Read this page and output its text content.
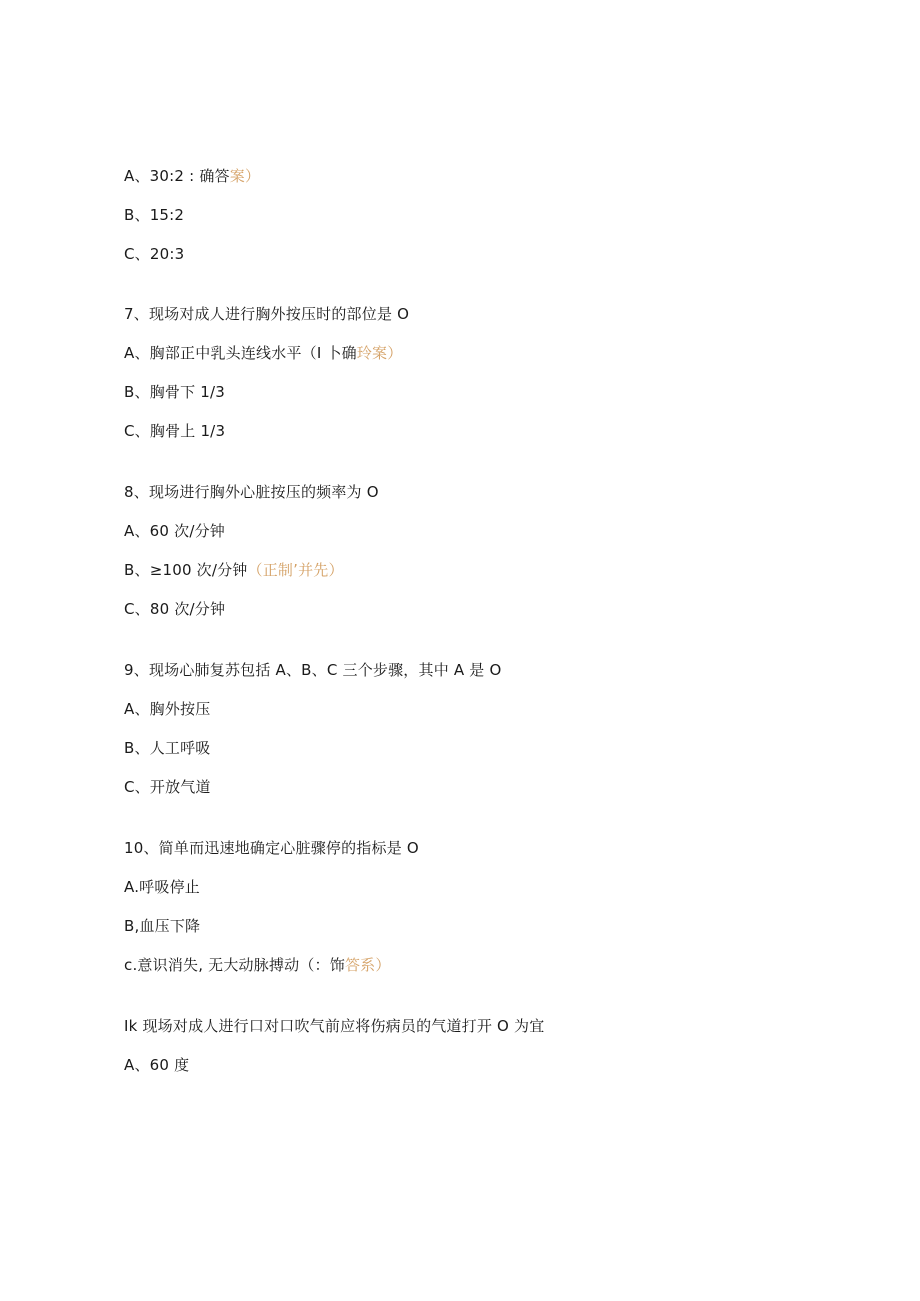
A、30:2 : 确答案）
B、15:2
C、20:3
7、现场对成人进行胸外按压时的部位是 O
A、胸部正中乳头连线水平（I 卜确玲案）
B、胸骨下 1/3
C、胸骨上 1/3
8、现场进行胸外心脏按压的频率为 O
A、60 次/分钟
B、≥100 次/分钟（正制’并先）
C、80 次/分钟
9、现场心肺复苏包括 A、B、C 三个步骤，其中 A 是 O
A、胸外按压
B、人工呼吸
C、开放气道
10、简单而迅速地确定心脏骤停的指标是 O
A.呼吸停止
B,血压下降
c.意识消失, 无大动脉搏动（：饰答系）
Ik 现场对成人进行口对口吹气前应将伤病员的气道打开 O 为宜
A、60 度
